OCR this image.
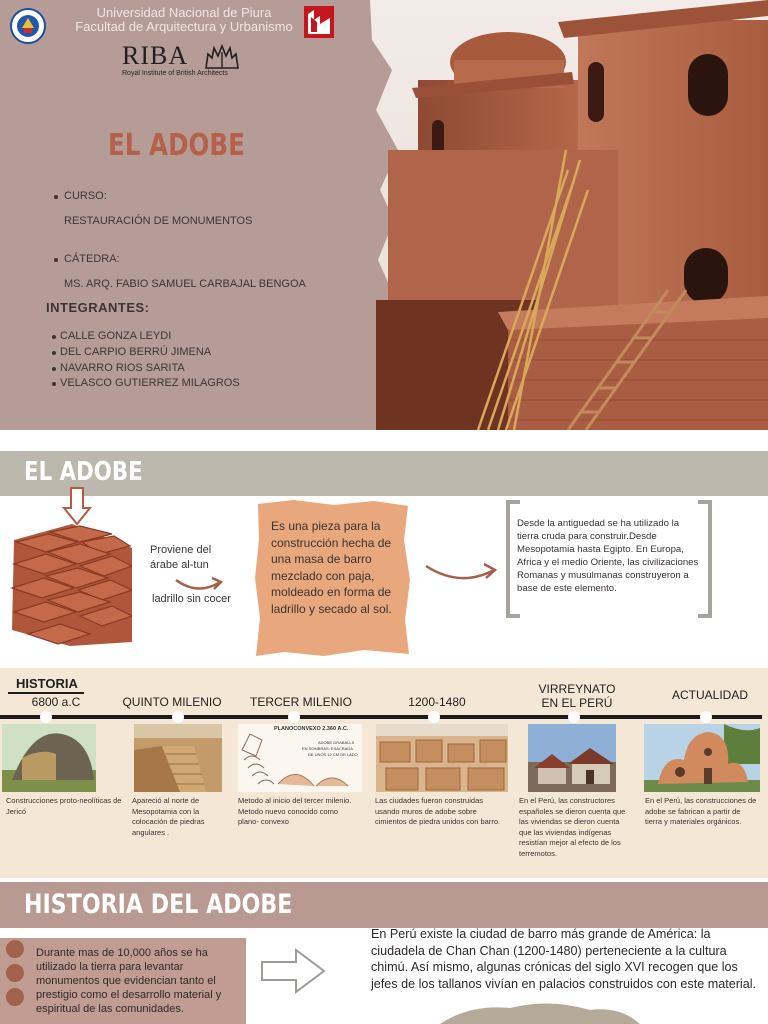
Universidad Nacional de Piura
Facultad de Arquitectura y Urbanismo
RIBA
Royal Institute of British Architects
EL ADOBE
CURSO:
RESTAURACIÓN DE MONUMENTOS
CÁTEDRA:
MS. ARQ. FABIO SAMUEL CARBAJAL BENGOA
INTEGRANTES:
CALLE GONZA LEYDI
DEL CARPIO BERRÚ JIMENA
NAVARRO RIOS SARITA
VELASCO GUTIERREZ MILAGROS
EL ADOBE
Proviene del árabe al-tun
ladrillo sin cocer
Es una pieza para la construcción hecha de una masa de barro mezclado con paja, moldeado en forma de ladrillo y secado al sol.
Desde la antiguedad se ha utilizado la tierra cruda para construir.Desde Mesopotamia hasta Egipto. En Europa, Africa y el medio Oriente, las civilizaciones Romanas y musulmanas construyeron a base de este elemento.
HISTORIA
6800 a.C	QUINTO MILENIO	TERCER MILENIO	1200-1480
VIRREYNATO
EN EL PERÚ
ACTUALIDAD
PLANOCONVEXO 2.360 A.C.
ADOBE GRABALLS
EN SOMBRAS: ESACRADA
DE UNOS 12 CM DE LADO
Construcciones proto-neolíticas de Jericó
Apareció al norte de Mesopotamia con la colocación de piedras angulares .
Metodo al inicio del tercer milenio.
Metodo nuevo conocido como plano- convexo
Las ciudades fueron construidas usando muros de adobe sobre cimientos de piedra unidos con barro.
En el Perú, las constructores españoles se dieron cuenta que las viviendas se dieron cuenta que las viviendas indígenas resistían mejor al efecto de los terremotos.
En el Perú, las construcciones de adobe se fabrican a partir de tierra y materiales orgánicos.
HISTORIA DEL ADOBE
Durante mas de 10,000 años se ha utilizado la tierra para levantar monumentos que evidencian tanto el prestigio como el desarrollo material y espiritual de las comunidades.
En Perú existe la ciudad de barro más grande de América: la ciudadela de Chan Chan (1200-1480) perteneciente a la cultura chimú. Así mismo, algunas crónicas del siglo XVI recogen que los jefes de los tallanos vivían en palacios construidos con este material.
